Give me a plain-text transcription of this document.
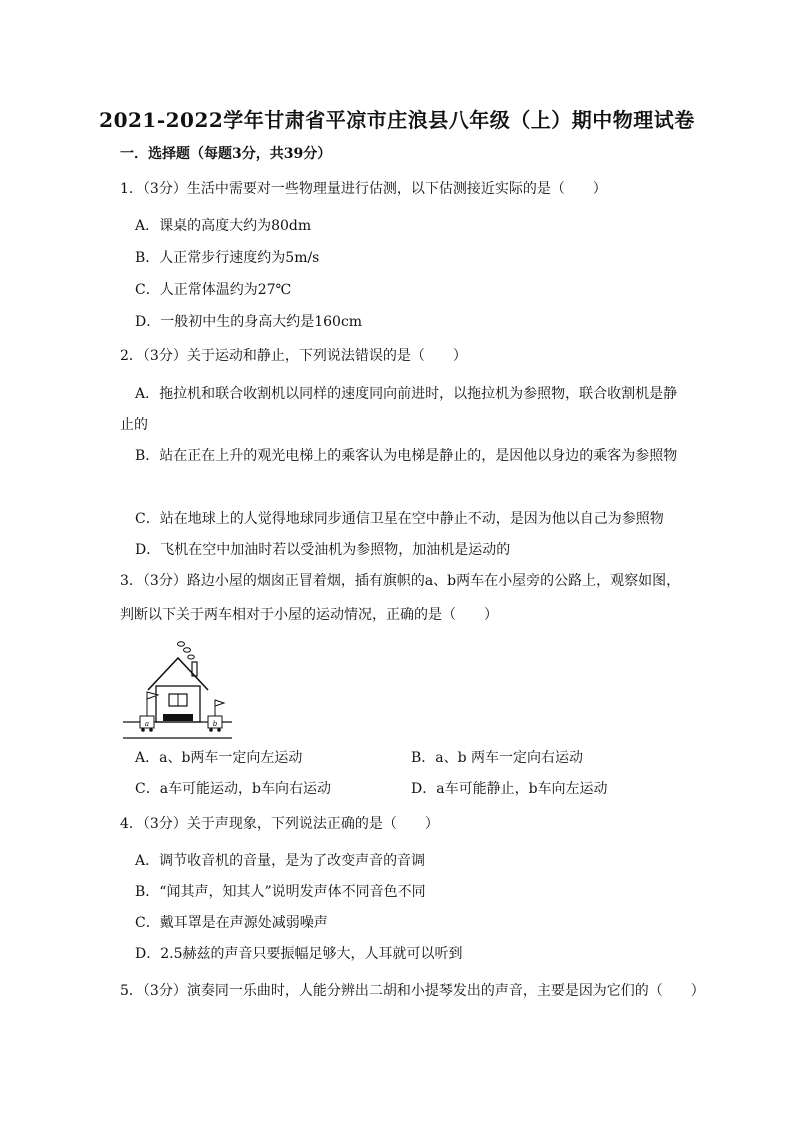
2021-2022学年甘肃省平凉市庄浪县八年级（上）期中物理试卷
一．选择题（每题3分，共39分）
1．（3分）生活中需要对一些物理量进行估测，以下估测接近实际的是（　　）
A．课桌的高度大约为80dm
B．人正常步行速度约为5m/s
C．人正常体温约为27℃
D．一般初中生的身高大约是160cm
2．（3分）关于运动和静止，下列说法错误的是（　　）
A．拖拉机和联合收割机以同样的速度同向前进时，以拖拉机为参照物，联合收割机是静
止的
B．站在正在上升的观光电梯上的乘客认为电梯是静止的，是因他以身边的乘客为参照物
C．站在地球上的人觉得地球同步通信卫星在空中静止不动，是因为他以自己为参照物
D．飞机在空中加油时若以受油机为参照物，加油机是运动的
3．（3分）路边小屋的烟囱正冒着烟，插有旗帜的a、b两车在小屋旁的公路上，观察如图，
判断以下关于两车相对于小屋的运动情况，正确的是（　　）
a	b
A．a、b两车一定向左运动	B．a、b 两车一定向右运动
C．a车可能运动，b车向右运动	D．a车可能静止，b车向左运动
4．（3分）关于声现象，下列说法正确的是（　　）
A．调节收音机的音量，是为了改变声音的音调
B．“闻其声，知其人”说明发声体不同音色不同
C．戴耳罩是在声源处减弱噪声
D．2.5赫兹的声音只要振幅足够大，人耳就可以听到
5．（3分）演奏同一乐曲时，人能分辨出二胡和小提琴发出的声音，主要是因为它们的（　　）
